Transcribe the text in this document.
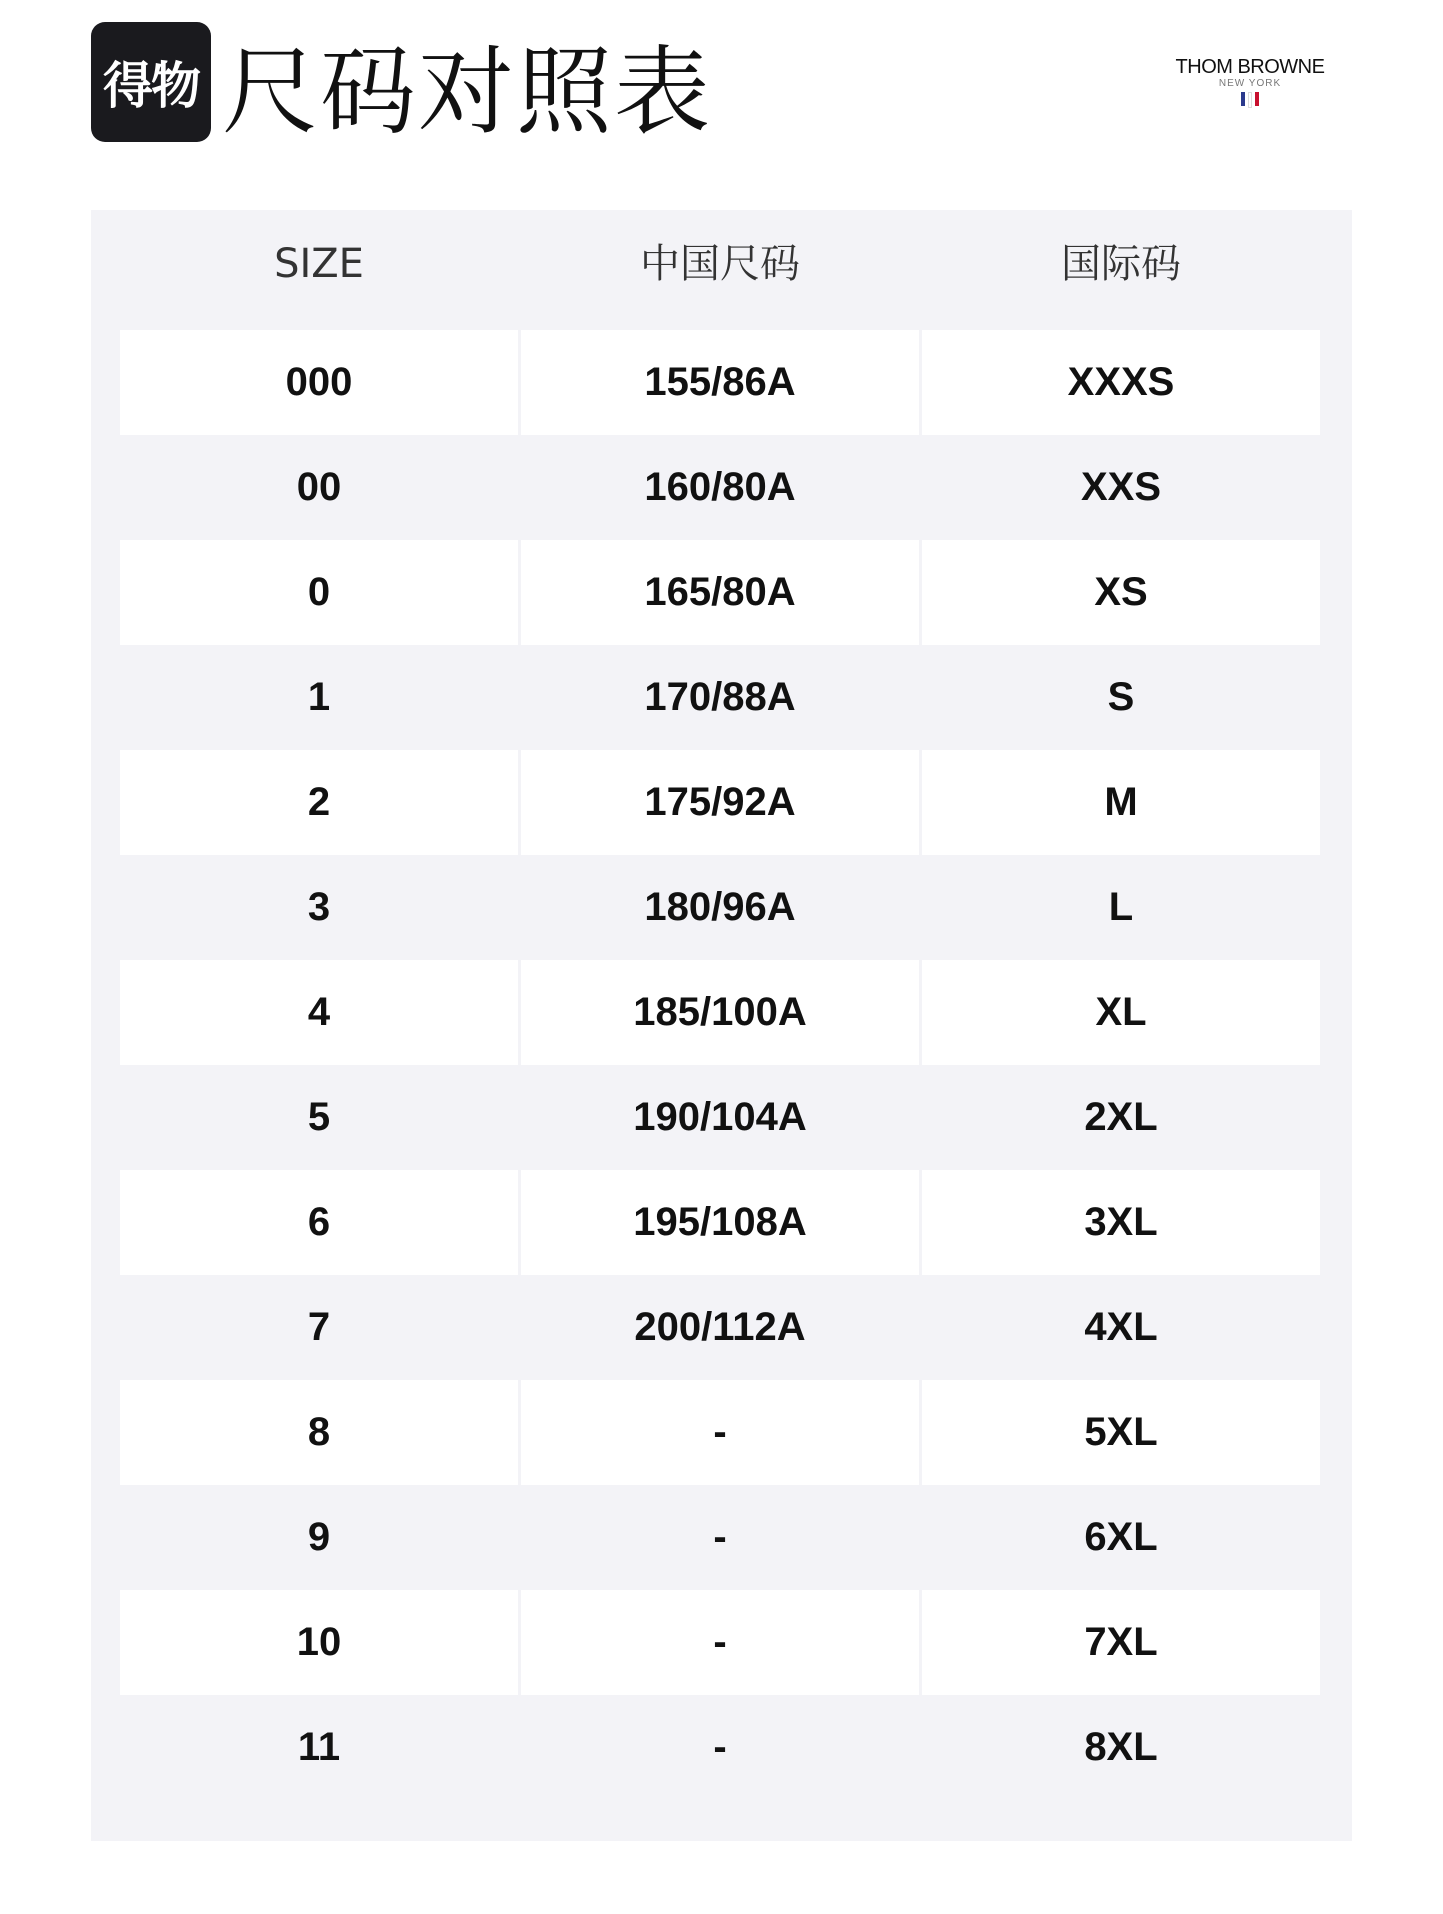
得物 尺码对照表	THOM BROWNE
NEW YORK
SIZE	中国尺码	国际码
000	155/86A	XXXS
00	160/80A	XXS
0	165/80A	XS
1	170/88A	S
2	175/92A	M
3	180/96A	L
4	185/100A	XL
5	190/104A	2XL
6	195/108A	3XL
7	200/112A	4XL
8	-	5XL
9	-	6XL
10	-	7XL
11	-	8XL
